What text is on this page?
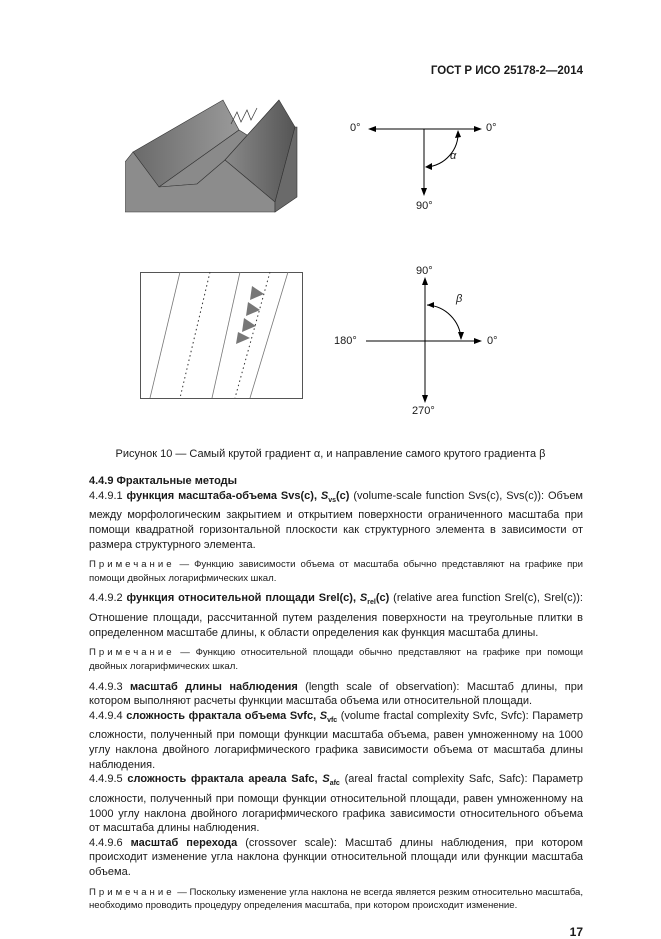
ГОСТ Р ИСО 25178-2—2014
0°	0°
90°
α
90°
180°	0°
270°
β
Рисунок 10 — Самый крутой градиент α, и направление самого крутого градиента β

4.4.9 Фрактальные методы

4.4.9.1 функция масштаба-объема Svs(c), $S_{vs}(c)$ (volume-scale function Svs(c), Svs(c)): Объем между морфологическим закрытием и открытием поверхности ограниченного масштаба при помощи квадратной горизонтальной плоскости как структурного элемента в зависимости от размера структурного элемента.

Примечание — Функцию зависимости объема от масштаба обычно представляют на графике при помощи двойных логарифмических шкал.

4.4.9.2 функция относительной площади Srel(c), $S_{rel}(c)$ (relative area function Srel(c), Srel(c)): Отношение площади, рассчитанной путем разделения поверхности на треугольные плитки в определенном масштабе длины, к области определения как функция масштаба длины.

Примечание — Функцию относительной площади обычно представляют на графике при помощи двойных логарифмических шкал.

4.4.9.3 масштаб длины наблюдения (length scale of observation): Масштаб длины, при котором выполняют расчеты функции масштаба объема или относительной площади.

4.4.9.4 сложность фрактала объема Svfc, $S_{vfc}$ (volume fractal complexity Svfc, Svfc): Параметр сложности, полученный при помощи функции масштаба объема, равен умноженному на 1000 углу наклона двойного логарифмического графика зависимости объема от масштаба длины наблюдения.

4.4.9.5 сложность фрактала ареала Safc, $S_{afc}$ (areal fractal complexity Safc, Safc): Параметр сложности, полученный при помощи функции относительной площади, равен умноженному на 1000 углу наклона двойного логарифмического графика зависимости относительного объема от масштаба длины наблюдения.

4.4.9.6 масштаб перехода (crossover scale): Масштаб длины наблюдения, при котором происходит изменение угла наклона функции относительной площади или функции масштаба объема.

Примечание — Поскольку изменение угла наклона не всегда является резким относительно масштаба, необходимо проводить процедуру определения масштаба, при котором происходит изменение.

17
